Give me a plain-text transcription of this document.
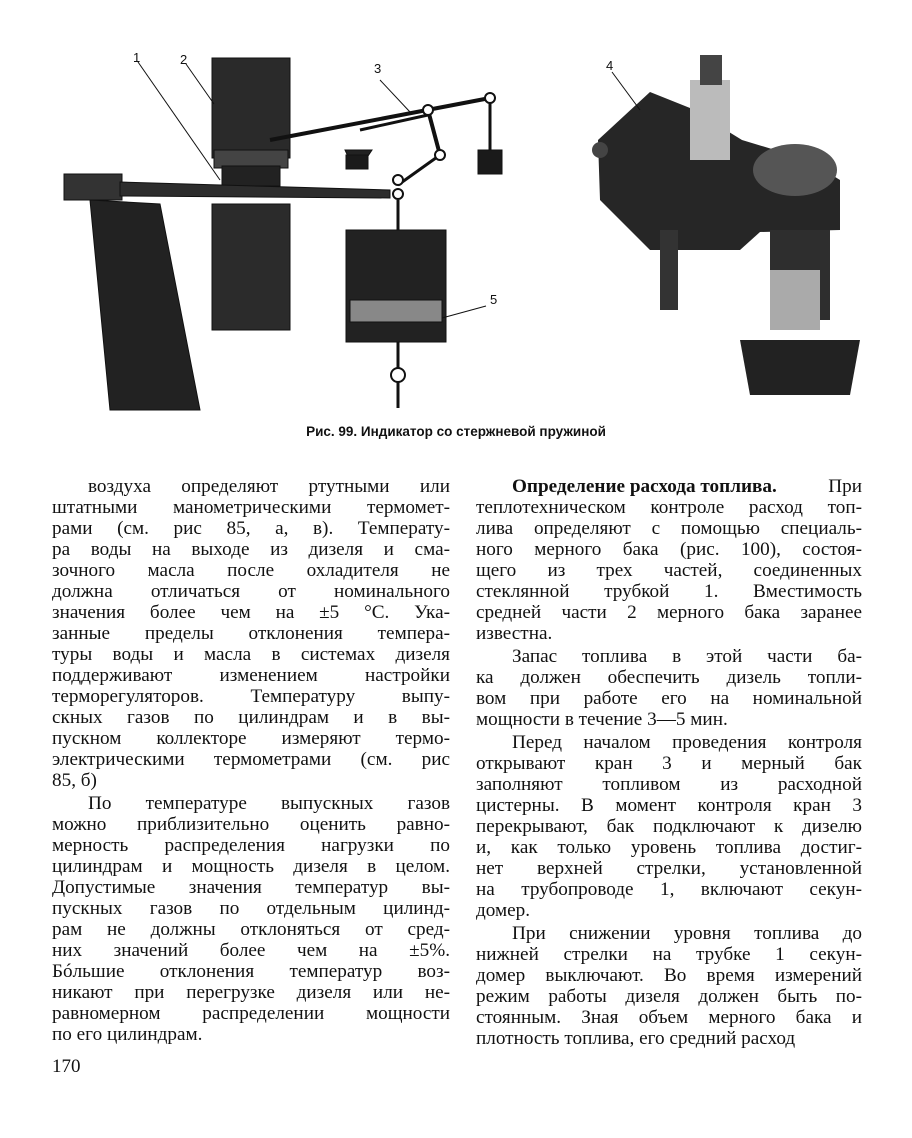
1	2
3	4
5
Рис. 99. Индикатор со стержневой пружиной
воздуха определяют ртутными или
штатными манометрическими термомет-
рами (см. рис 85, а, в). Температу-
ра воды на выходе из дизеля и сма-
зочного масла после охладителя не
должна отличаться от номинального
значения более чем на ±5 °С. Ука-
занные пределы отклонения темпера-
туры воды и масла в системах дизеля
поддерживают изменением настройки
терморегуляторов. Температуру выпу-
скных газов по цилиндрам и в вы-
пускном коллекторе измеряют термо-
электрическими термометрами (см. рис
85, б)
По температуре выпускных газов
можно приблизительно оценить равно-
мерность распределения нагрузки по
цилиндрам и мощность дизеля в целом.
Допустимые значения температур вы-
пускных газов по отдельным цилинд-
рам не должны отклоняться от сред-
них значений более чем на ±5%.
Бóльшие отклонения температур воз-
никают при перегрузке дизеля или не-
равномерном распределении мощности
по его цилиндрам.
Определение расхода топлива.	При
теплотехническом контроле расход топ-
лива определяют с помощью специаль-
ного мерного бака (рис. 100), состоя-
щего из трех частей, соединенных
стеклянной трубкой 1. Вместимость
средней части 2 мерного бака заранее
известна.
Запас топлива в этой части ба-
ка должен обеспечить дизель топли-
вом при работе его на номинальной
мощности в течение 3—5 мин.
Перед началом проведения контроля
открывают кран 3 и мерный бак
заполняют топливом из расходной
цистерны. В момент контроля кран 3
перекрывают, бак подключают к дизелю
и, как только уровень топлива достиг-
нет верхней стрелки, установленной
на трубопроводе 1, включают секун-
домер.
При снижении уровня топлива до
нижней стрелки на трубке 1 секун-
домер выключают. Во время измерений
режим работы дизеля должен быть по-
стоянным. Зная объем мерного бака и
плотность топлива, его средний расход
170
